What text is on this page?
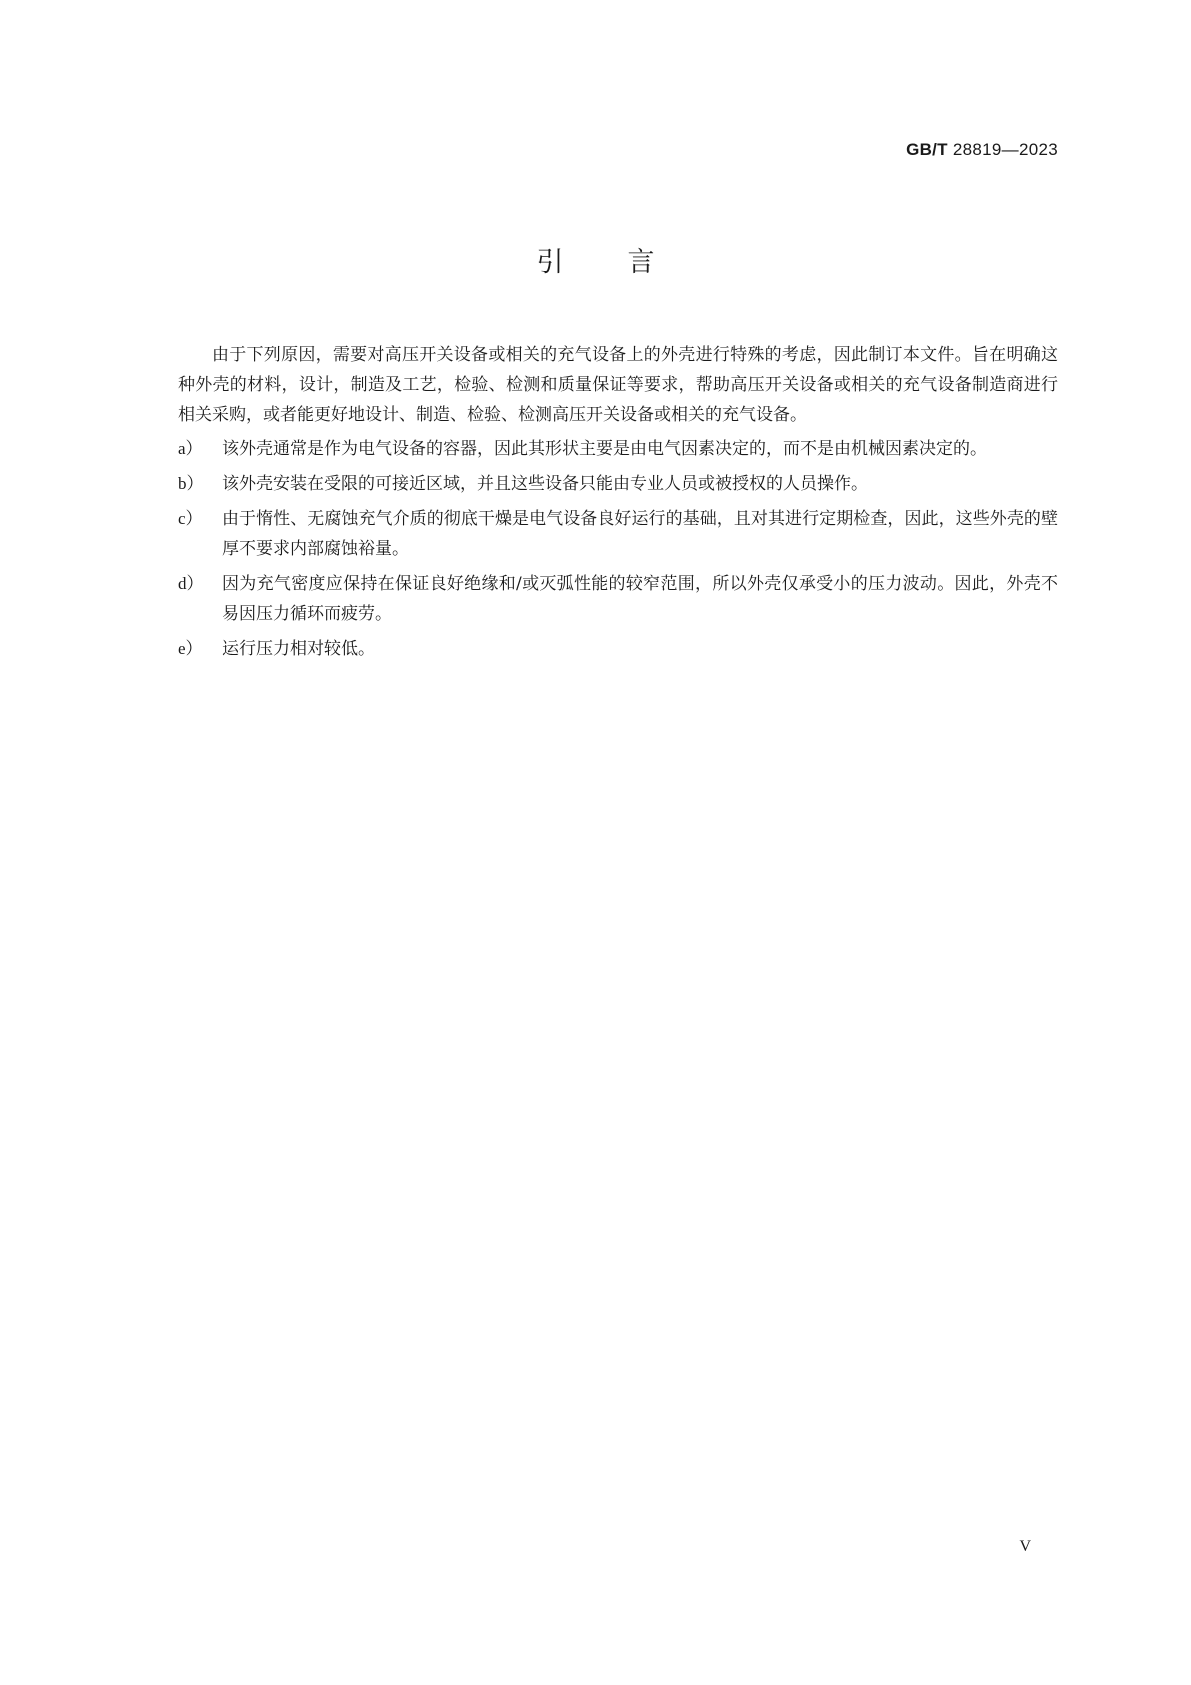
GB/T 28819—2023
引言

由于下列原因，需要对高压开关设备或相关的充气设备上的外壳进行特殊的考虑，因此制订本文件。旨在明确这种外壳的材料，设计，制造及工艺，检验、检测和质量保证等要求，帮助高压开关设备或相关的充气设备制造商进行相关采购，或者能更好地设计、制造、检验、检测高压开关设备或相关的充气设备。

a） 该外壳通常是作为电气设备的容器，因此其形状主要是由电气因素决定的，而不是由机械因素决定的。
b） 该外壳安装在受限的可接近区域，并且这些设备只能由专业人员或被授权的人员操作。
c） 由于惰性、无腐蚀充气介质的彻底干燥是电气设备良好运行的基础，且对其进行定期检查，因此，这些外壳的壁厚不要求内部腐蚀裕量。
d） 因为充气密度应保持在保证良好绝缘和/或灭弧性能的较窄范围，所以外壳仅承受小的压力波动。因此，外壳不易因压力循环而疲劳。
e） 运行压力相对较低。
V
